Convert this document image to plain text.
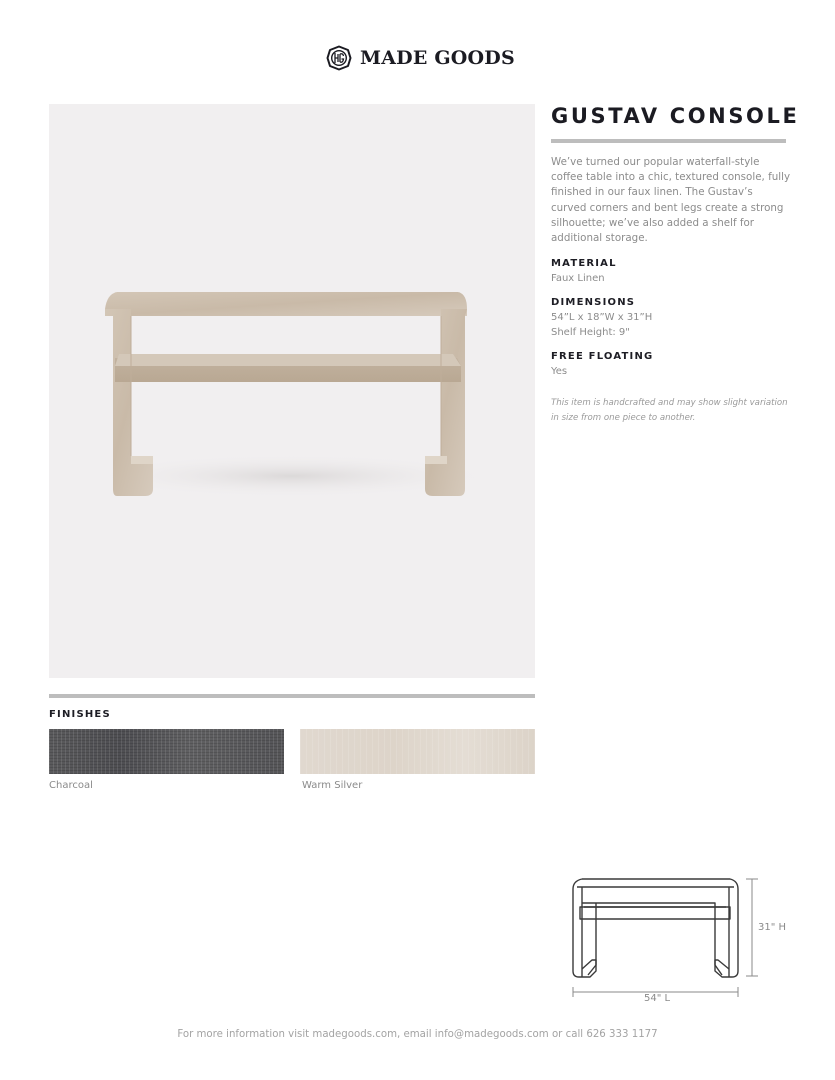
MADE GOODS
FINISHES
Charcoal	Warm Silver
GUSTAV CONSOLE

We’ve turned our popular waterfall-style coffee table into a chic, textured console, fully finished in our faux linen. The Gustav’s curved corners and bent legs create a strong silhouette; we’ve also added a shelf for additional storage.

MATERIAL
Faux Linen
DIMENSIONS
54”L x 18”W x 31”H
Shelf Height: 9"
FREE FLOATING
Yes

This item is handcrafted and may show slight variation in size from one piece to another.

31" H
54" L
For more information visit madegoods.com, email info@madegoods.com or call 626 333 1177
